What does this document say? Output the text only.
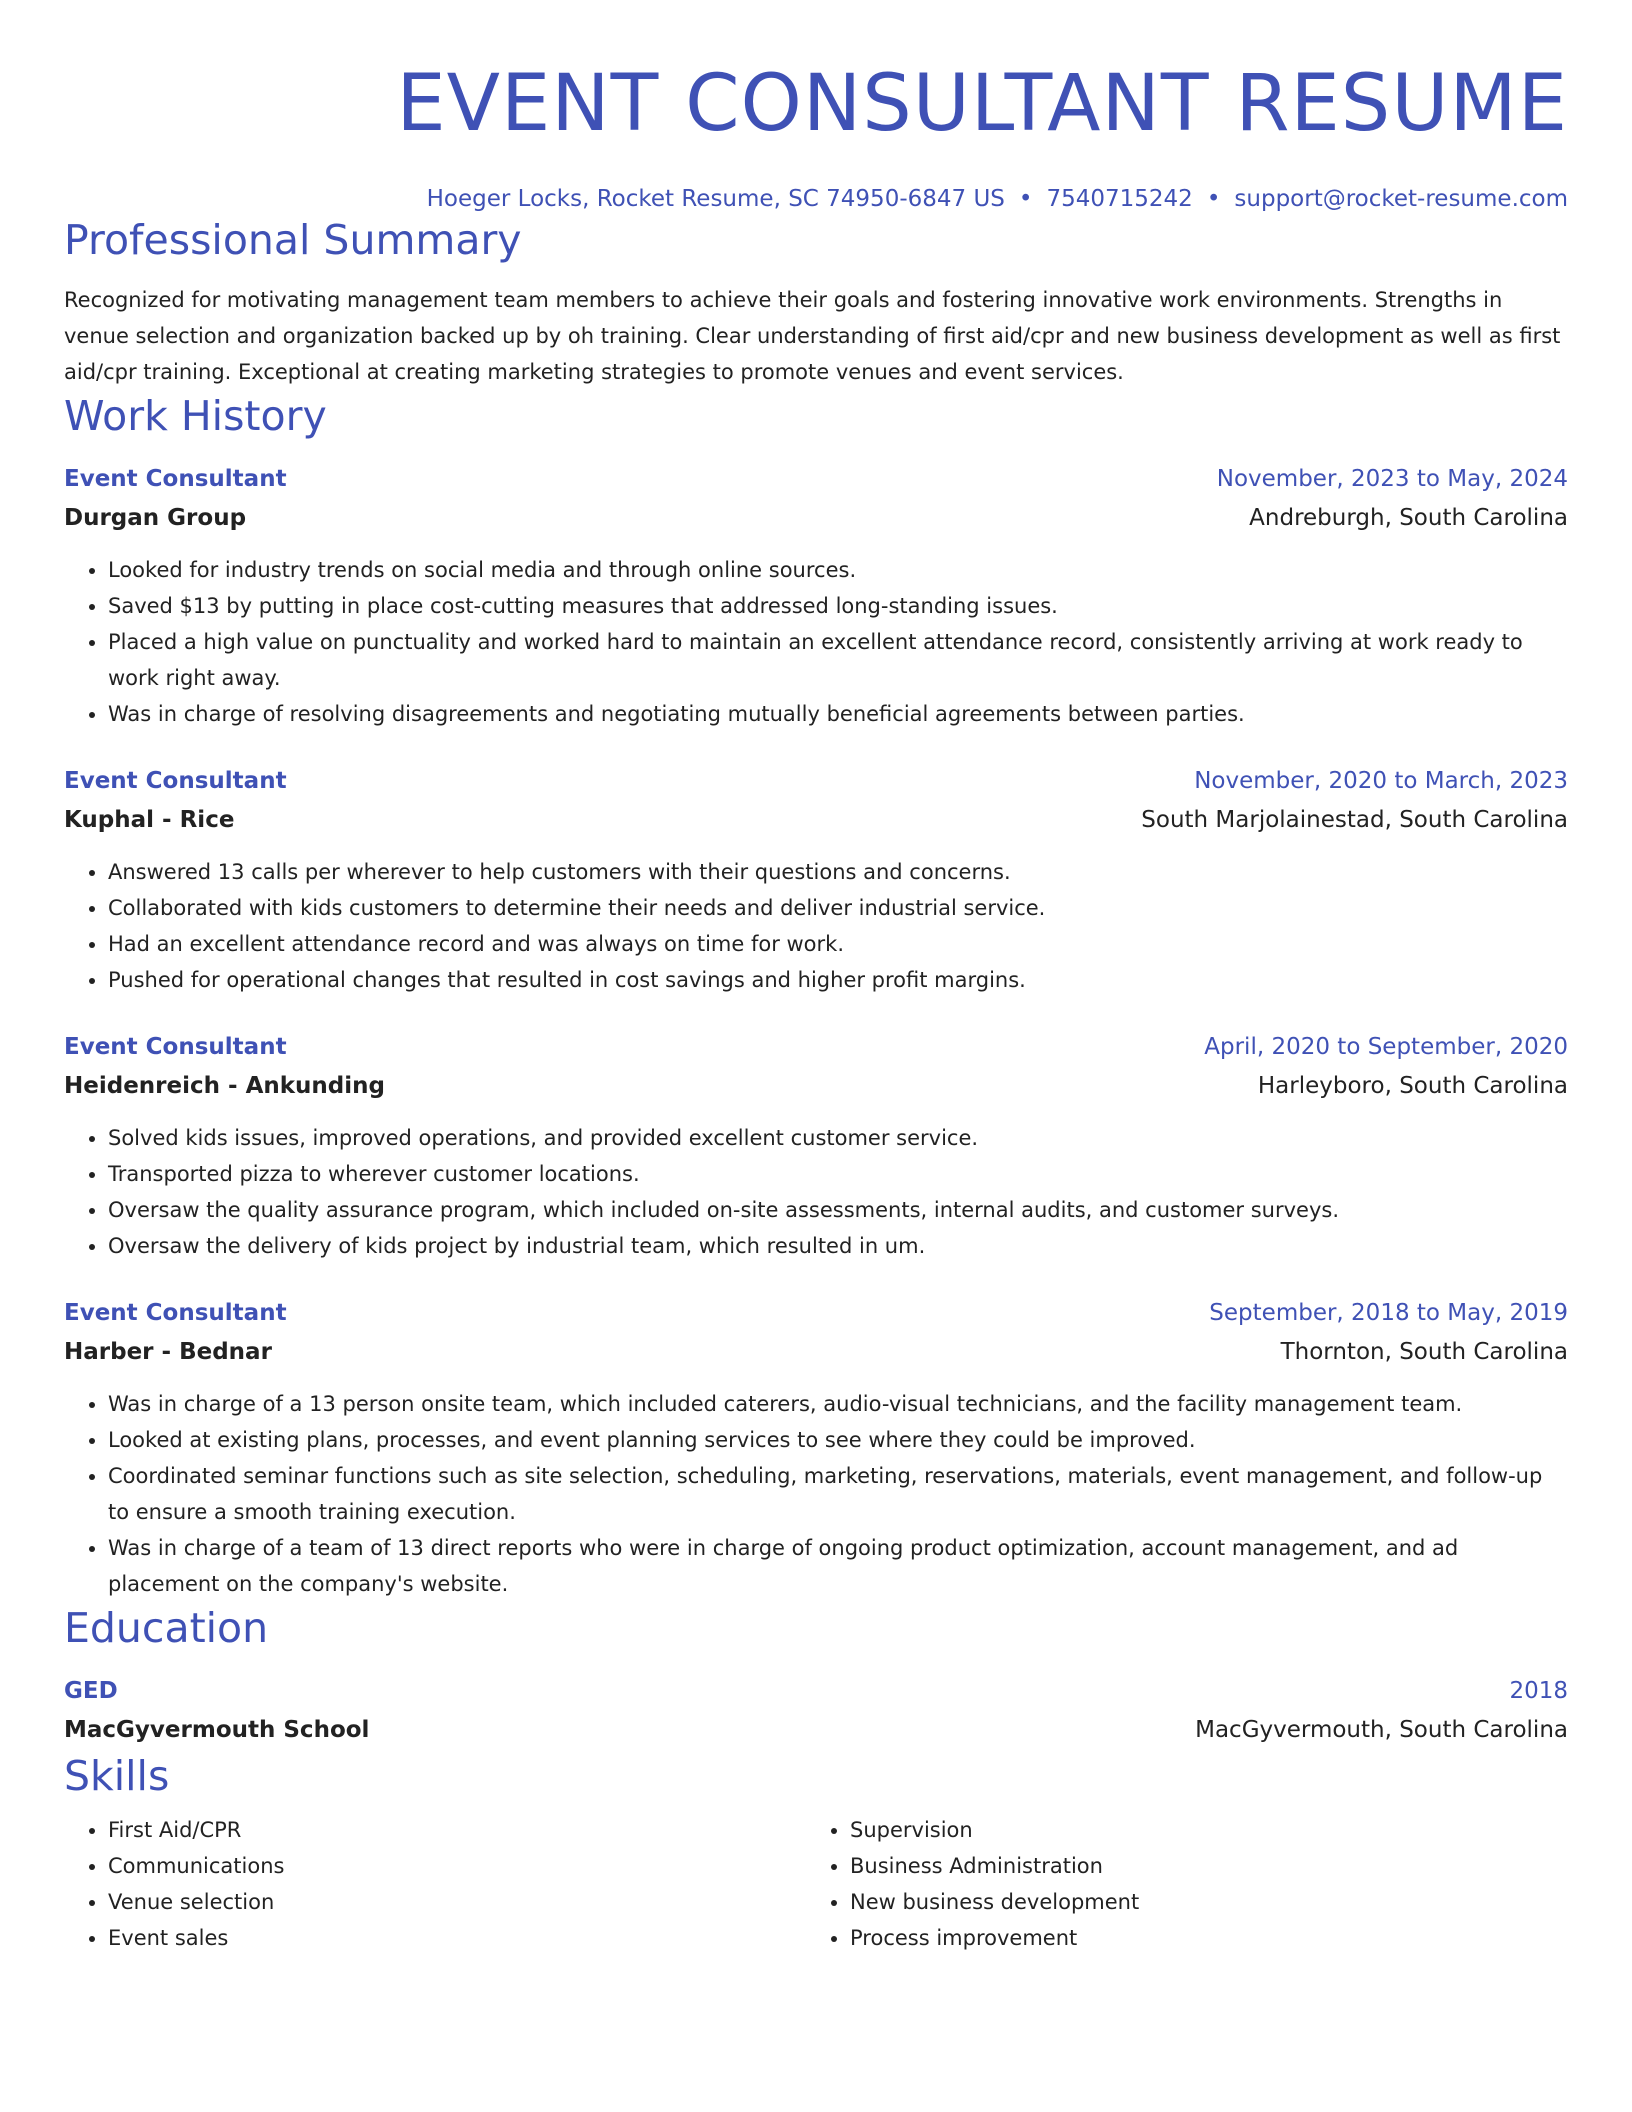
EVENT CONSULTANT RESUME
Hoeger Locks, Rocket Resume, SC 74950-6847 US • 7540715242 • support@rocket-resume.com
Professional Summary

Recognized for motivating management team members to achieve their goals and fostering innovative work environments. Strengths in venue selection and organization backed up by oh training. Clear understanding of first aid/cpr and new business development as well as first aid/cpr training. Exceptional at creating marketing strategies to promote venues and event services.

Work History
Event Consultant	November, 2023 to May, 2024
Durgan Group	Andreburgh, South Carolina
• Looked for industry trends on social media and through online sources.
• Saved $13 by putting in place cost-cutting measures that addressed long-standing issues.
• Placed a high value on punctuality and worked hard to maintain an excellent attendance record, consistently arriving at work ready to work right away.
• Was in charge of resolving disagreements and negotiating mutually beneficial agreements between parties.
Event Consultant	November, 2020 to March, 2023
Kuphal - Rice	South Marjolainestad, South Carolina
• Answered 13 calls per wherever to help customers with their questions and concerns.
• Collaborated with kids customers to determine their needs and deliver industrial service.
• Had an excellent attendance record and was always on time for work.
• Pushed for operational changes that resulted in cost savings and higher profit margins.
Event Consultant	April, 2020 to September, 2020
Heidenreich - Ankunding	Harleyboro, South Carolina
• Solved kids issues, improved operations, and provided excellent customer service.
• Transported pizza to wherever customer locations.
• Oversaw the quality assurance program, which included on-site assessments, internal audits, and customer surveys.
• Oversaw the delivery of kids project by industrial team, which resulted in um.
Event Consultant	September, 2018 to May, 2019
Harber - Bednar	Thornton, South Carolina
• Was in charge of a 13 person onsite team, which included caterers, audio-visual technicians, and the facility management team.
• Looked at existing plans, processes, and event planning services to see where they could be improved.
• Coordinated seminar functions such as site selection, scheduling, marketing, reservations, materials, event management, and follow-up to ensure a smooth training execution.
• Was in charge of a team of 13 direct reports who were in charge of ongoing product optimization, account management, and ad placement on the company's website.
Education
GED	2018
MacGyvermouth School	MacGyvermouth, South Carolina
Skills
• First Aid/CPR
• Communications
• Venue selection
• Event sales
• Supervision
• Business Administration
• New business development
• Process improvement
